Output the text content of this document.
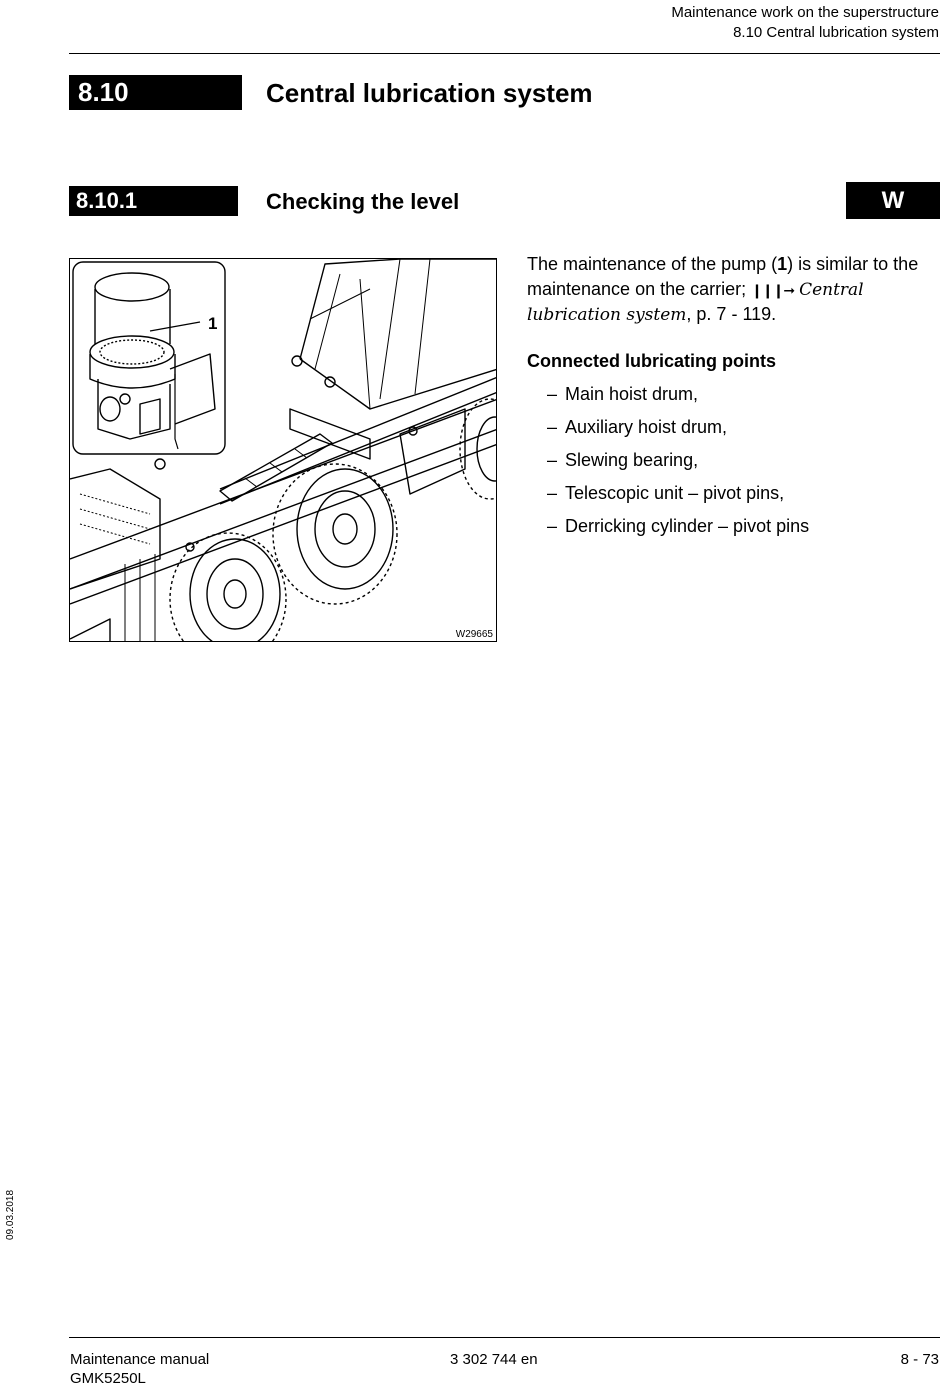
Maintenance work on the superstructure
8.10 Central lubrication system
8.10	Central lubrication system
8.10.1	Checking the level	W
1
W29665
The maintenance of the pump (1) is similar to the maintenance on the carrier; ❙❙❙➞ Central lubrication system, p. 7 - 119.
Connected lubricating points
– Main hoist drum,
– Auxiliary hoist drum,
– Slewing bearing,
– Telescopic unit – pivot pins,
– Derricking cylinder – pivot pins
09.03.2018
Maintenance manual
GMK5250L
3 302 744 en	8 - 73
